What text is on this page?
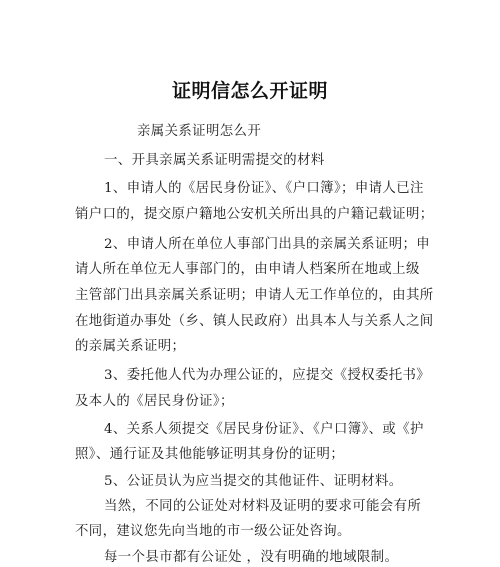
证明信怎么开证明
亲属关系证明怎么开
一、开具亲属关系证明需提交的材料
1、申请人的《居民身份证》、《户口簿》；申请人已注
销户口的，提交原户籍地公安机关所出具的户籍记载证明；
2、申请人所在单位人事部门出具的亲属关系证明；申
请人所在单位无人事部门的，由申请人档案所在地或上级
主管部门出具亲属关系证明；申请人无工作单位的，由其所
在地街道办事处（乡、镇人民政府）出具本人与关系人之间
的亲属关系证明；
3、委托他人代为办理公证的，应提交《授权委托书》
及本人的《居民身份证》；
4、关系人须提交《居民身份证》、《户口簿》、或《护
照》、通行证及其他能够证明其身份的证明；
5、公证员认为应当提交的其他证件、证明材料。
当然，不同的公证处对材料及证明的要求可能会有所
不同，建议您先向当地的市一级公证处咨询。
每一个县市都有公证处 ，没有明确的地域限制。
